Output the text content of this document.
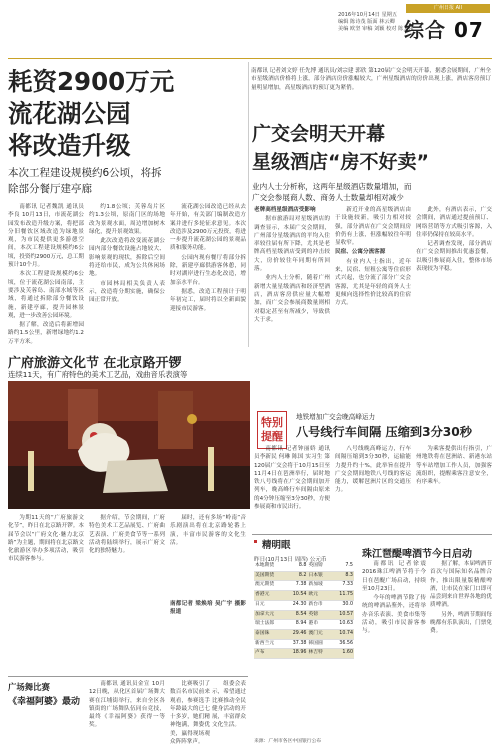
2016年10月14日 星期五
编辑 陈诗茂 版面 林云卿
美编 欧坚 审稿 刘颖 校对 陈义东
广州日报 AII
综合 07
耗资2900万元
流花湖公园
将改造升级
本次工程建设规模约6公顷，将拆
除部分餐厅建亭廊

南都讯 记者魏凯 通讯员李良 10月13日，市流花湖公园发布改造升级方案，将把部分旧餐饮区域改造为绿地景观，为市民提供更多游憩空间，本次工程建设规模约6公顷，投资约2900万元，总工期预计10个月。

本次工程建设规模约6公顷，位于流花湖公园南部，主要涉及芙蓉岛、南部水域等区域，将通过拆除部分餐饮设施，新建亭廊，提升园林景观，进一步改善公园环境。

据了解，改造后将新增园路约1.5公里，新增绿地约1.2万平方米。

约1.8公顷；芙蓉岛片区约1.3公顷，原南门区的场地改为景观水面，周边增加树木绿化，提升景观效果。

此次改造将改变流花湖公园内部分餐饮设施占地较大、影响景观的现状，拆除后空间将还给市民，成为公共休闲场地。

市园林局相关负责人表示，改造将分期实施，确保公园正常开放。

流花湖公园改造已经从去年开始，有关部门编制改造方案并进行多轮征求意见。本次改造涉及2900万元投资，将进一步提升流花湖公园的景观品质和服务功能。

公园内现有餐厅将部分拆除，新建亭廊供游客休憩，同时对湖岸进行生态化改造，增加亲水平台。

据悉，改造工程预计于明年初完工，届时将以全新面貌迎接市民游客。

南都讯 记者刘文婷 任先博 通讯员/刘宗建 郭欣 第120届广交会明天开幕，据悉会展期间，广州全市星级酒店价格将上涨，部分酒店房价涨幅较大，广州星级酒店的房价出现上涨，酒店客房预订量明显增加，高星级酒店的预订更为紧俏。

广交会明天开幕
星级酒店“房不好卖”
业内人士分析称，这两年星级酒店数量增加，而
广交会参展商人数、商务人士数量却相对减少

老牌高档星级酒店受影响

据市旅游局对星级酒店的调查显示，本届广交会期间，广州部分星级酒店的平均入住率较往届有所下降，尤其是老牌高档星级酒店受到的冲击较大，房价较往年同期有所回落。

业内人士分析，随着广州新增大量星级酒店和经济型酒店，酒店客房供应量大幅增加，而广交会参展商数量则相对稳定甚至有所减少，导致供大于求。

新近开业的高星级酒店由于设施较新，吸引力相对较强，部分酒店在广交会期间房价仍有上涨，但涨幅较往年明显收窄。

民宿、公寓分流客源

有业内人士指出，近年来，民宿、短租公寓等住宿形式兴起，也分流了部分广交会客源，尤其是年轻的商务人士更倾向选择性价比较高的住宿方式。

此外，有酒店表示，广交会期间，酒店通过提前预订、网络营销等方式吸引客源，入住率仍保持在较高水平。

记者调查发现，部分酒店在广交会期间推出优惠套餐，以吸引参展商入住，整体市场表现较为平稳。

广府旅游文化节 在北京路开锣
连续11天，有广府特色的美术工艺品，戏曲音乐表演等

为期11天的“广府旅游文化节”，昨日在北京路开锣。本届节会以“广府文化·魅力北京路”为主题，期间将在北京路文化旅游区举办多项活动，吸引市民游客参与。

据介绍，节会期间，广府特色美术工艺品展览、广府曲艺表演、广府美食节等一系列活动将陆续举行，展示广府文化的独特魅力。

届时，还有多场“岭南”音乐剧演出将在北京路轮番上演，丰富市民游客的文化生活。

南都记者 梁焕培 吴广宇 摄影报道
特别
提醒
地铁增加广交会晚高峰运力
八号线行车间隔 压缩到3分30秒

南都讯 记者钟丽娇 通讯员李新民 何琳 陈国 实习生 第120届广交会将于10月15日至11月4日在琶洲举行，届时地铁八号线将在广交会期间加开列车，晚高峰行车间隔由原来的4分钟压缩至3分30秒，方便参展商和市民出行。

八号线晚高峰运力，行车间隔压缩到3分30秒，运输能力提升约十%，此举旨在提升广交会期间地铁八号线的客运能力，缓解琶洲片区的交通压力。

为乘客提供出行指引，广州地铁将在琶洲站、新港东站等车站增加工作人员，加强客流组织，提醒乘客注意安全，有序乘车。

精明眼
昨日(10月13日 周四) 公元币
本地期货	8.8	英国镑	7.5
美国期货	8.2	日本银	8.3
澳元期货	7.38	新加坡	7.33
香港元	10.54	欧元	11.75
日元	24.30	新台币	30.0
加拿大元	8.54	英镑	10.57
瑞士法郎	8.94	港币	10.63
泰国铢	29.46	澳门元	10.74
新西兰元	37.38	韩国圆	36.56
卢布	18.96	林吉特	1.60
来源：广州市各区中国银行公布
珠江琶醍啤酒节今日启动

南都讯 记者徐震 2016珠江啤酒节将于今日在琶醍广场启动，持续至10月23日。

今年的啤酒节除了传统的啤酒品鉴外，还将举办音乐表演、美食市集等活动，吸引市民游客参与。

据了解，本届啤酒节首次与国际知名品牌合作，推出限量版精酿啤酒，让市民在家门口即可品尝到来自世界各地的优质啤酒。

另外，啤酒节期间每晚都有乐队演出，门票免费。

广场舞比赛
《幸福阿婆》最动

南都讯 通讯员金宣 10月12日晚，从化区首届广场舞大赛在江埔街举行，来自全区各镇街的广场舞队伍同台竞技，最终《幸福阿婆》获得一等奖。

比赛吸引了数百名市民前来观看，参赛选手年龄最大的已七十多岁，她们精神饱满，舞姿优美，赢得现场观众阵阵掌声。

组委会表示，希望通过比赛推动全民健身活动的开展，丰富群众文化生活。
